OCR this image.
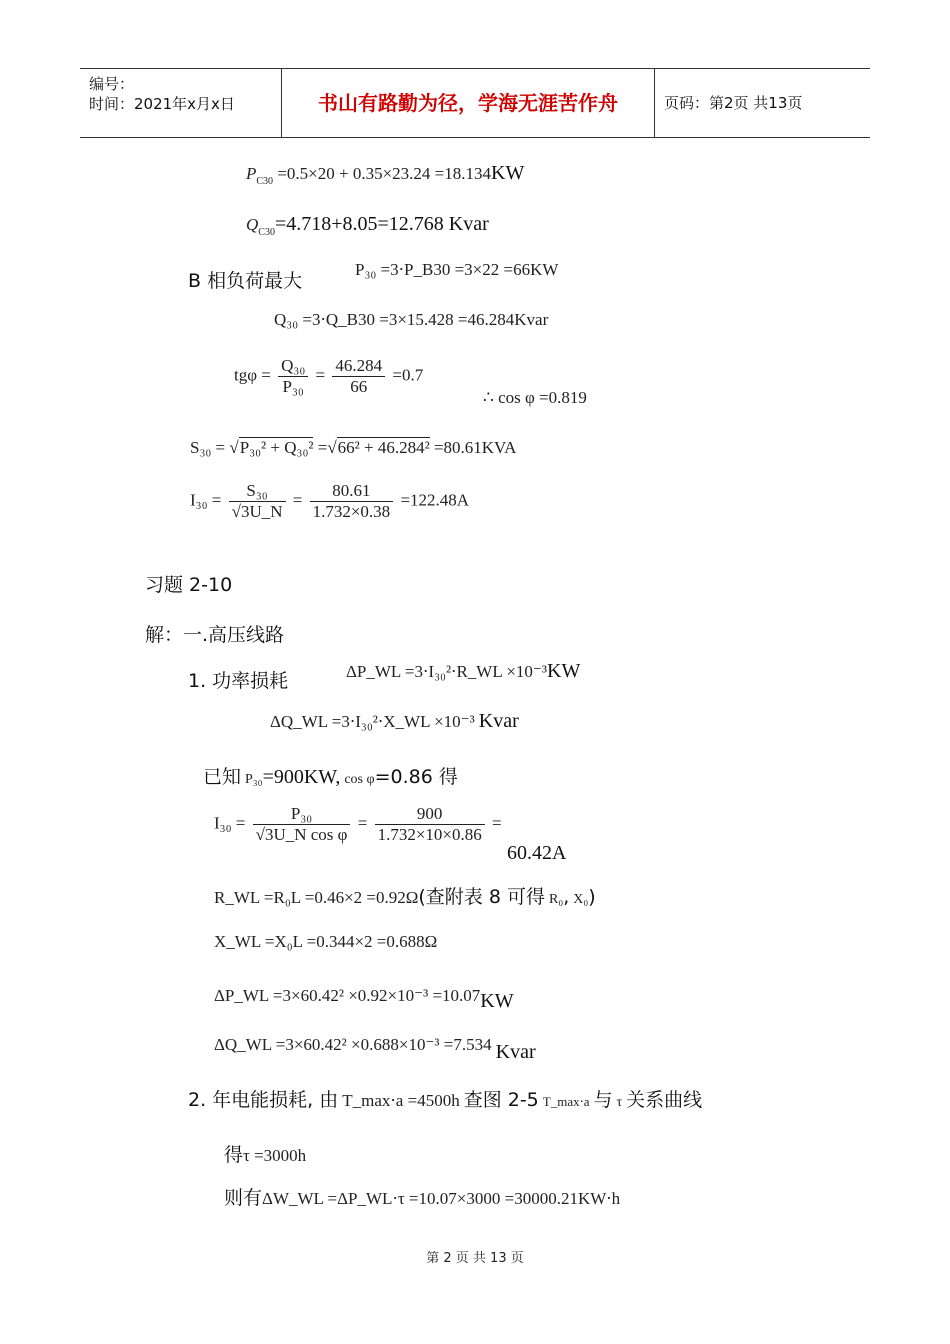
编号：
时间：2021年x月x日	书山有路勤为径，学海无涯苦作舟	页码：第2页 共13页
$P_{C30} =0.5\times 20 + 0.35\times 23.24 =18.134KW$
$Q_{C30}=4.718+8.05=12.768$ Kvar
B 相负荷最大
P₃₀ =3⋅P_B30 =3×22 =66KW
Q₃₀ =3⋅Q_B30 =3×15.428 =46.284Kvar
$tg\varphi = \frac{\text{Q₃₀}}{\text{P₃₀}} = \frac{46.284}{66} =0.7$
∴ cos φ =0.819
S₃₀ = √P₃₀² + Q₃₀² =√66² + 46.284² =80.61KVA
$I_{30} = \frac{\text{S₃₀}}{√3U\_N} = \frac{80.61}{1.732\times 0.38} =122.48A$
习题 2-10
解：一.高压线路
1. 功率损耗	ΔP_WL =3⋅I₃₀²⋅R_WL ×10⁻³KW
ΔQ_WL =3⋅I₃₀²⋅X_WL ×10⁻³ Kvar
已知 P₃₀=900KW, cos φ=0.86 得
$I_{30} = \frac{\text{P₃₀}}{\text{√3U\_N cos φ}} = \frac{900}{1.732\times 10\times 0.86}$ =
60.42A
R_WL =R₀L =0.46×2 =0.92Ω(查附表 8 可得 R₀, X₀)
X_WL =X₀L =0.344×2 =0.688Ω
ΔP_WL =3×60.42² ×0.92×10⁻³ =10.07KW
ΔQ_WL =3×60.42² ×0.688×10⁻³ =7.534 Kvar
2. 年电能损耗, 由 T_max⋅a =4500h 查图 2-5 T_max⋅a 与 τ 关系曲线
得τ =3000h
则有ΔW_WL =ΔP_WL⋅τ =10.07×3000 =30000.21KW⋅h
第 2 页 共 13 页
